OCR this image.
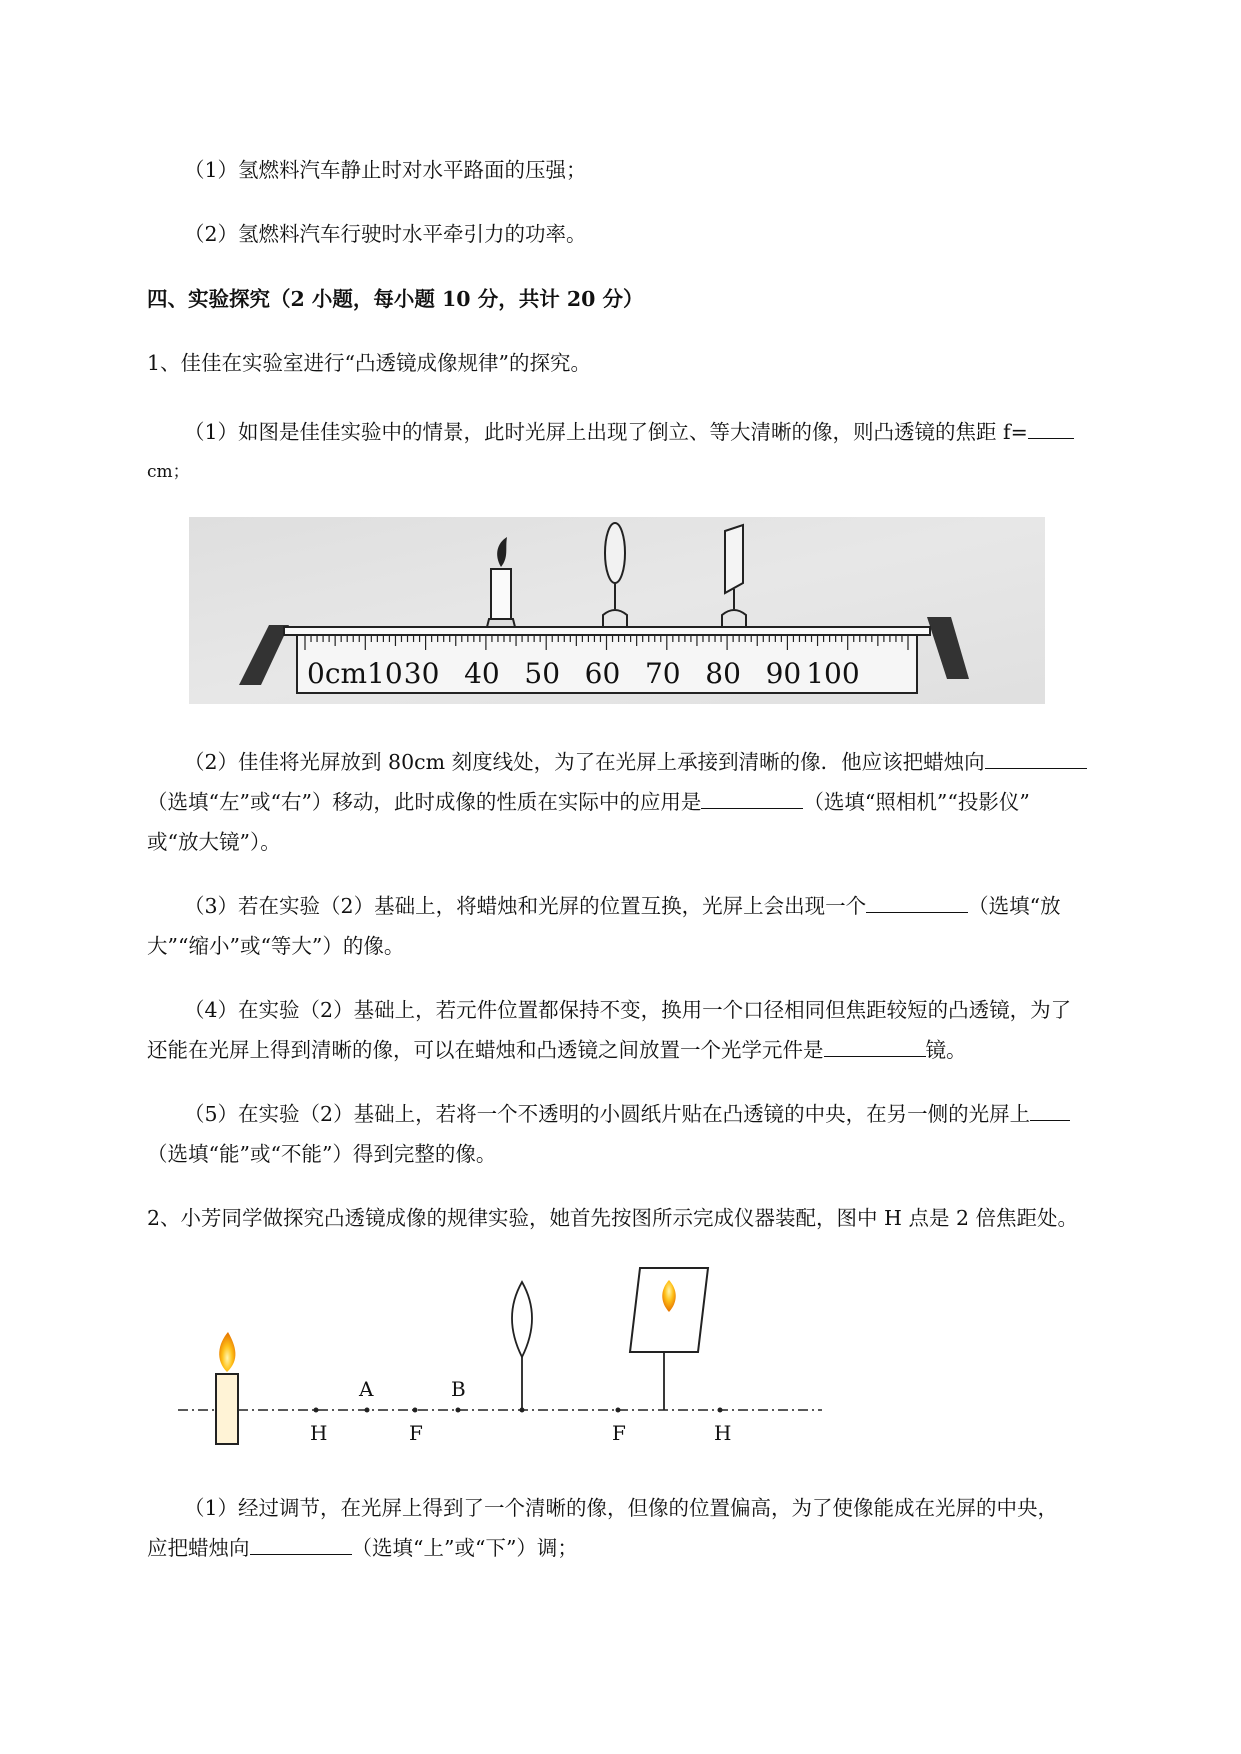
（1）氢燃料汽车静止时对水平路面的压强；
（2）氢燃料汽车行驶时水平牵引力的功率。
四、实验探究（2 小题，每小题 10 分，共计 20 分）
1、佳佳在实验室进行“凸透镜成像规律”的探究。
（1）如图是佳佳实验中的情景，此时光屏上出现了倒立、等大清晰的像，则凸透镜的焦距 f=
cm；
0cm10 30 40 50 60 70 80 90 100
（2）佳佳将光屏放到 80cm 刻度线处，为了在光屏上承接到清晰的像．他应该把蜡烛向
（选填“左”或“右”）移动，此时成像的性质在实际中的应用是	（选填“照相机”“投影仪”
或“放大镜”）。
（3）若在实验（2）基础上，将蜡烛和光屏的位置互换，光屏上会出现一个	（选填“放
大”“缩小”或“等大”）的像。
（4）在实验（2）基础上，若元件位置都保持不变，换用一个口径相同但焦距较短的凸透镜，为了
还能在光屏上得到清晰的像，可以在蜡烛和凸透镜之间放置一个光学元件是	镜。
（5）在实验（2）基础上，若将一个不透明的小圆纸片贴在凸透镜的中央，在另一侧的光屏上
（选填“能”或“不能”）得到完整的像。
2、小芳同学做探究凸透镜成像的规律实验，她首先按图所示完成仪器装配，图中 H 点是 2 倍焦距处。
H
A
F
B
F	H
（1）经过调节，在光屏上得到了一个清晰的像，但像的位置偏高，为了使像能成在光屏的中央，
应把蜡烛向	（选填“上”或“下”）调；
